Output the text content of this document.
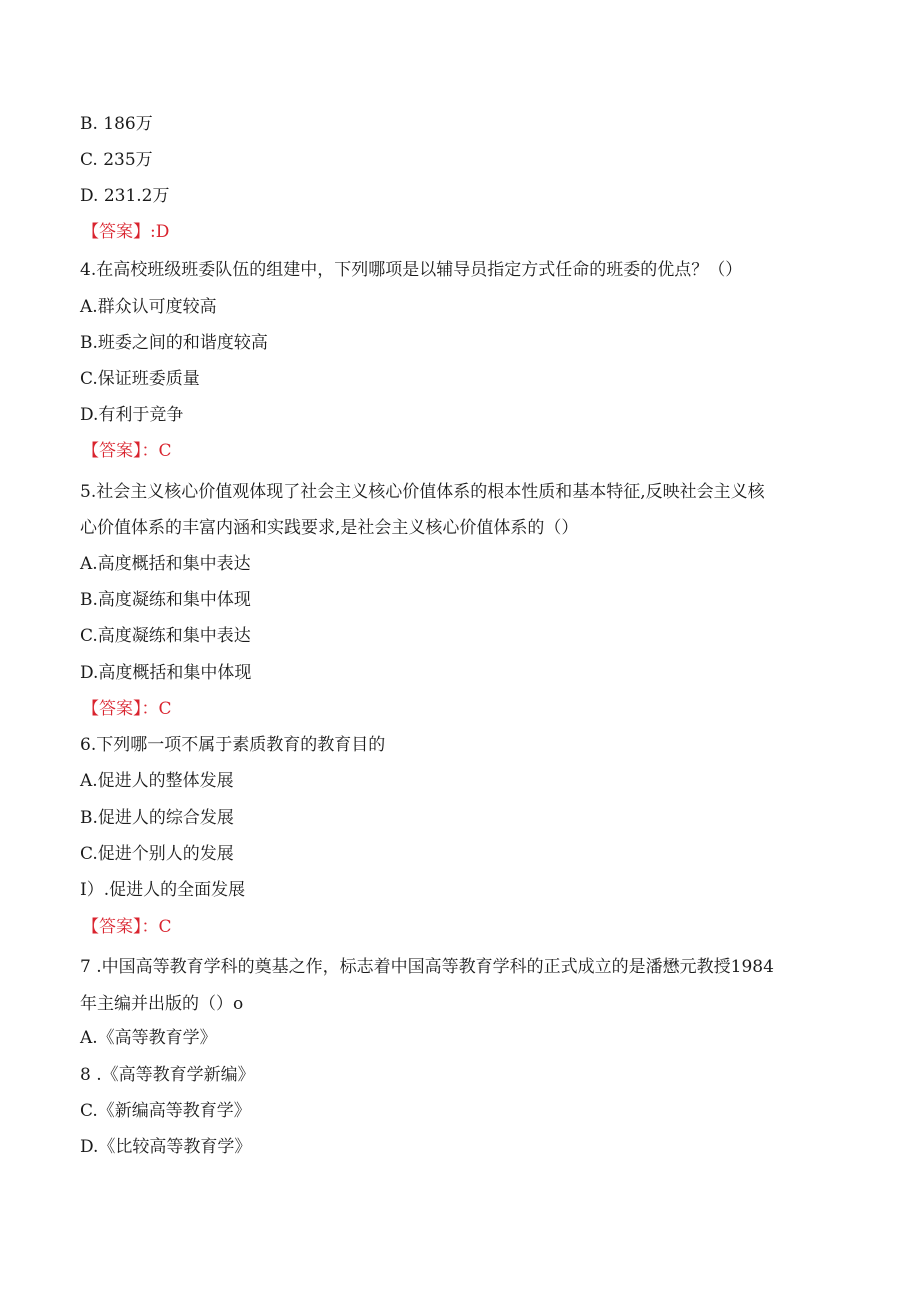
B. 186万
C. 235万
D. 231.2万
【答案】:D
4.在高校班级班委队伍的组建中，下列哪项是以辅导员指定方式任命的班委的优点？（）
A.群众认可度较高
B.班委之间的和谐度较高
C.保证班委质量
D.有利于竞争
【答案】：C
5.社会主义核心价值观体现了社会主义核心价值体系的根本性质和基本特征,反映社会主义核
心价值体系的丰富内涵和实践要求,是社会主义核心价值体系的（）
A.高度概括和集中表达
B.高度凝练和集中体现
C.高度凝练和集中表达
D.高度概括和集中体现
【答案】：C
6.下列哪一项不属于素质教育的教育目的
A.促进人的整体发展
B.促进人的综合发展
C.促进个别人的发展
I）.促进人的全面发展
【答案】：C
7 .中国高等教育学科的奠基之作，标志着中国高等教育学科的正式成立的是潘懋元教授1984
年主编并出版的（）o
A.《高等教育学》
8 .《高等教育学新编》
C.《新编高等教育学》
D.《比较高等教育学》
